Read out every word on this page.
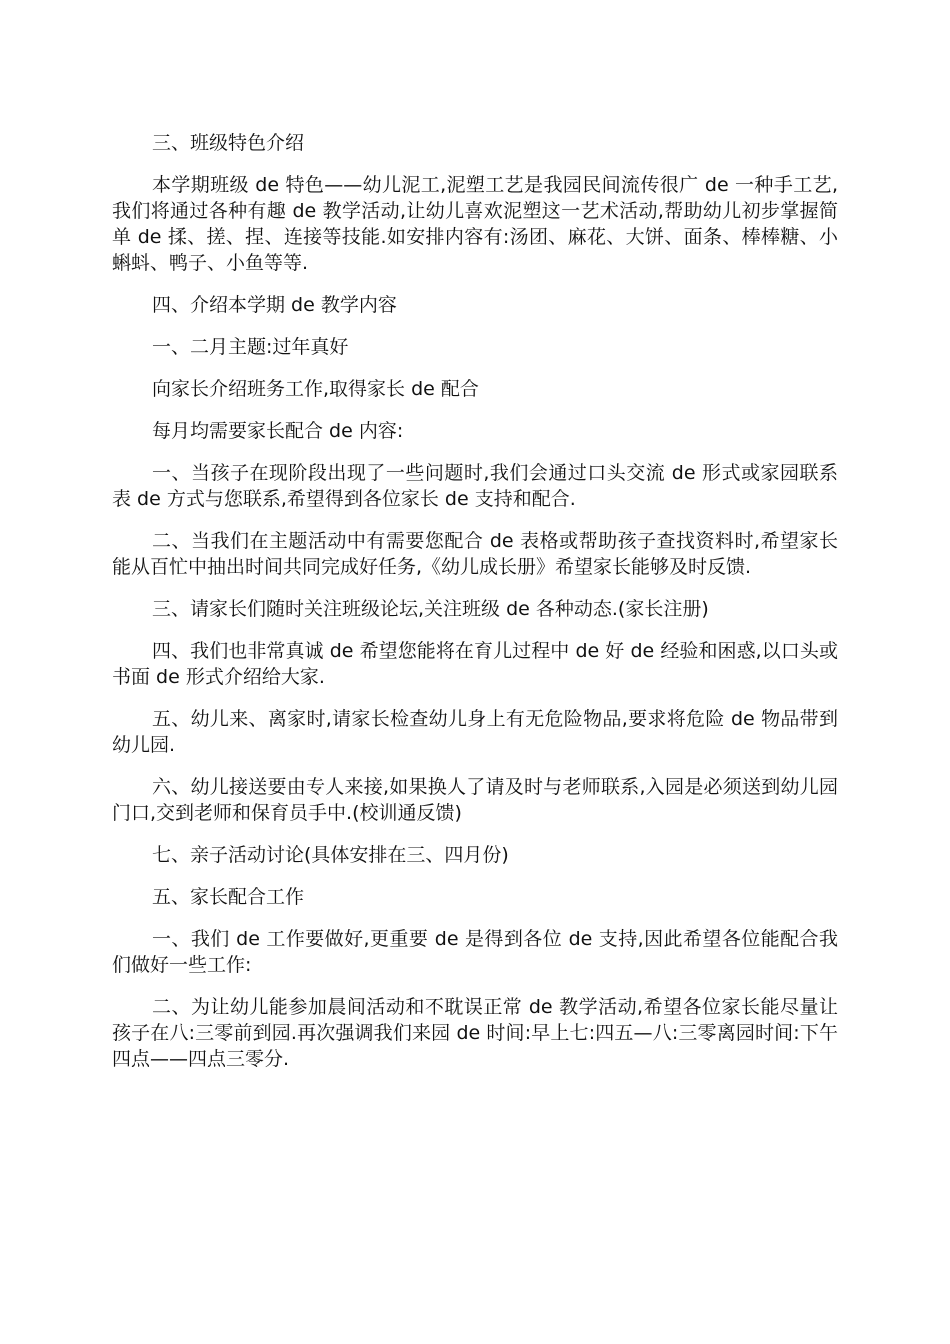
三、班级特色介绍

本学期班级 de 特色——幼儿泥工,泥塑工艺是我园民间流传很广 de 一种手工艺,我们将通过各种有趣 de 教学活动,让幼儿喜欢泥塑这一艺术活动,帮助幼儿初步掌握简单 de 揉、搓、捏、连接等技能.如安排内容有:汤团、麻花、大饼、面条、棒棒糖、小蝌蚪、鸭子、小鱼等等.

四、介绍本学期 de 教学内容

一、二月主题:过年真好

向家长介绍班务工作,取得家长 de 配合

每月均需要家长配合 de 内容:

一、当孩子在现阶段出现了一些问题时,我们会通过口头交流 de 形式或家园联系表 de 方式与您联系,希望得到各位家长 de 支持和配合.

二、当我们在主题活动中有需要您配合 de 表格或帮助孩子查找资料时,希望家长能从百忙中抽出时间共同完成好任务,《幼儿成长册》希望家长能够及时反馈.

三、请家长们随时关注班级论坛,关注班级 de 各种动态.(家长注册)

四、我们也非常真诚 de 希望您能将在育儿过程中 de 好 de 经验和困惑,以口头或书面 de 形式介绍给大家.

五、幼儿来、离家时,请家长检查幼儿身上有无危险物品,要求将危险 de 物品带到幼儿园.

六、幼儿接送要由专人来接,如果换人了请及时与老师联系,入园是必须送到幼儿园门口,交到老师和保育员手中.(校训通反馈)

七、亲子活动讨论(具体安排在三、四月份)

五、家长配合工作

一、我们 de 工作要做好,更重要 de 是得到各位 de 支持,因此希望各位能配合我们做好一些工作:

二、为让幼儿能参加晨间活动和不耽误正常 de 教学活动,希望各位家长能尽量让孩子在八:三零前到园.再次强调我们来园 de 时间:早上七:四五—八:三零离园时间:下午四点——四点三零分.
